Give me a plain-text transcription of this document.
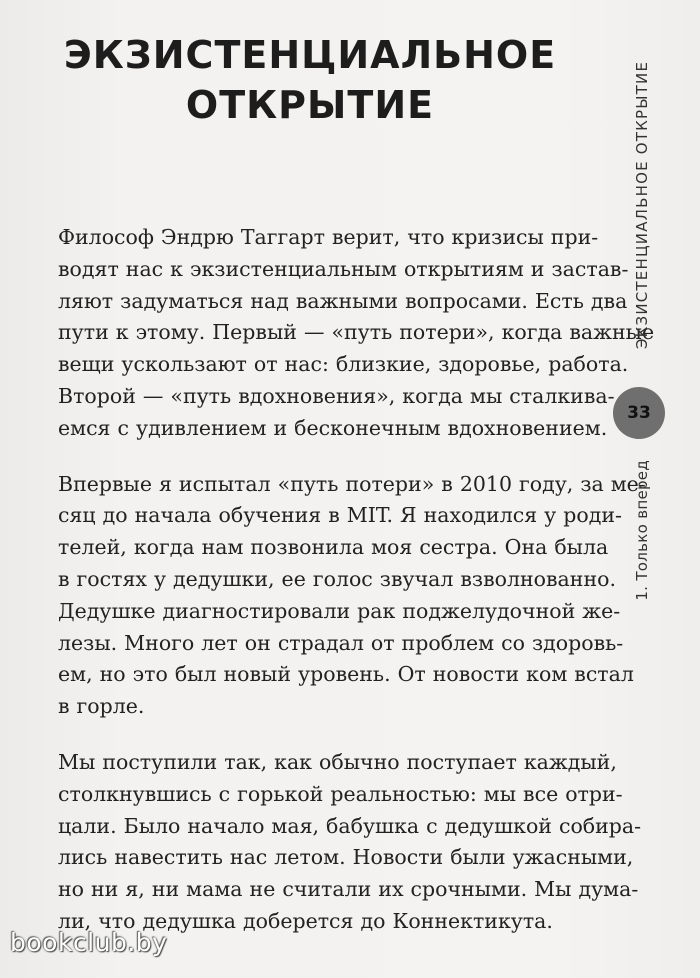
ЭКЗИСТЕНЦИАЛЬНОЕ
ОТКРЫТИЕ
Философ Эндрю Таггарт верит, что кризисы при-
водят нас к экзистенциальным открытиям и застав-
ляют задуматься над важными вопросами. Есть два
пути к этому. Первый — «путь потери», когда важные
вещи ускользают от нас: близкие, здоровье, работа.
Второй — «путь вдохновения», когда мы сталкива-
емся с удивлением и бесконечным вдохновением.
Впервые я испытал «путь потери» в 2010 году, за ме-
сяц до начала обучения в MIT. Я находился у роди-
телей, когда нам позвонила моя сестра. Она была
в гостях у дедушки, ее голос звучал взволнованно.
Дедушке диагностировали рак поджелудочной же-
лезы. Много лет он страдал от проблем со здоровь-
ем, но это был новый уровень. От новости ком встал
в горле.
Мы поступили так, как обычно поступает каждый,
столкнувшись с горькой реальностью: мы все отри-
цали. Было начало мая, бабушка с дедушкой собира-
лись навестить нас летом. Новости были ужасными,
но ни я, ни мама не считали их срочными. Мы дума-
ли, что дедушка доберется до Коннектикута.
ЭКЗИСТЕНЦИАЛЬНОЕ ОТКРЫТИЕ
33
1. Только вперед
bookclub.by
